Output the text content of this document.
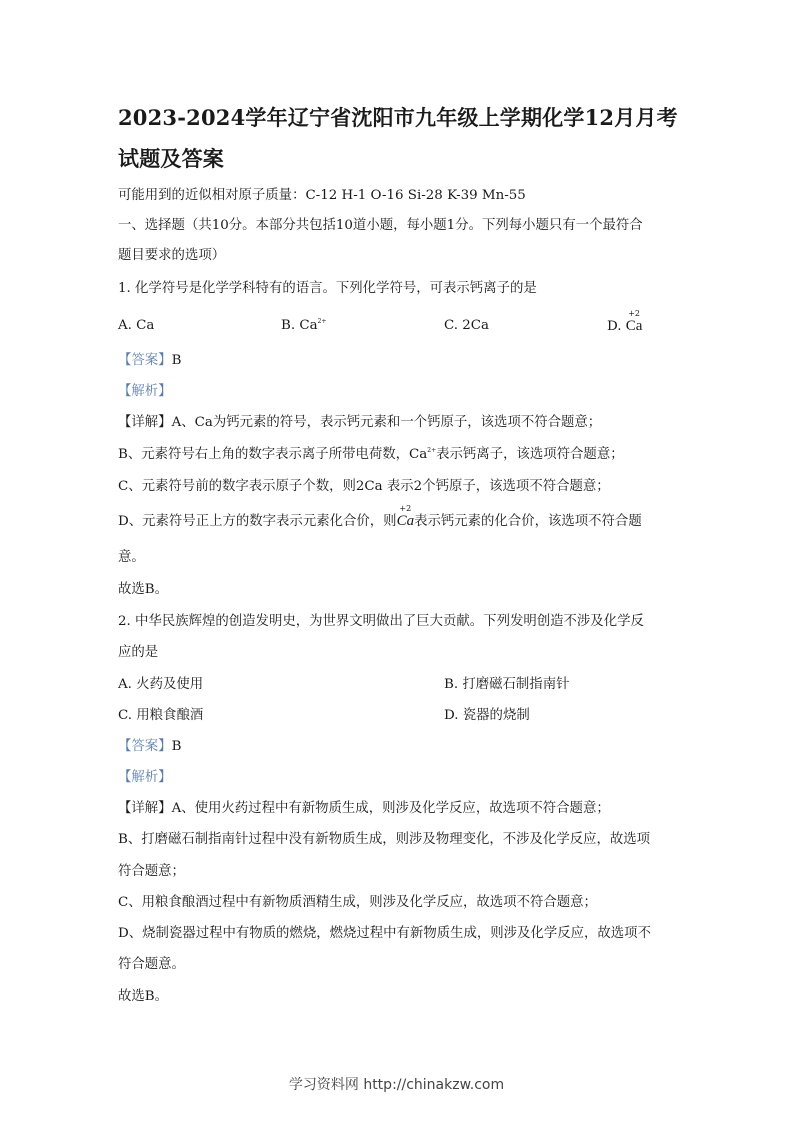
2023-2024学年辽宁省沈阳市九年级上学期化学12月月考
试题及答案
可能用到的近似相对原子质量：C-12 H-1 O-16 Si-28 K-39 Mn-55
一、选择题（共10分。本部分共包括10道小题，每小题1分。下列每小题只有一个最符合
题目要求的选项）
1. 化学符号是化学学科特有的语言。下列化学符号，可表示钙离子的是
A. Ca	B. $Ca^{2+}$	C. 2Ca	D.
+2
Ca
【答案】B
【解析】
【详解】A、Ca为钙元素的符号，表示钙元素和一个钙原子，该选项不符合题意；
B、元素符号右上角的数字表示离子所带电荷数，$Ca^{2+}$表示钙离子，该选项符合题意；
C、元素符号前的数字表示原子个数，则2Ca 表示2个钙原子，该选项不符合题意；
D、元素符号正上方的数字表示元素化合价，则
+2
Ca表示钙元素的化合价，该选项不符合题
意。
故选B。
2. 中华民族辉煌的创造发明史，为世界文明做出了巨大贡献。下列发明创造不涉及化学反
应的是
A. 火药及使用	B. 打磨磁石制指南针
C. 用粮食酿酒	D. 瓷器的烧制
【答案】B
【解析】
【详解】A、使用火药过程中有新物质生成，则涉及化学反应，故选项不符合题意；
B、打磨磁石制指南针过程中没有新物质生成，则涉及物理变化，不涉及化学反应，故选项
符合题意；
C、用粮食酿酒过程中有新物质酒精生成，则涉及化学反应，故选项不符合题意；
D、烧制瓷器过程中有物质的燃烧，燃烧过程中有新物质生成，则涉及化学反应，故选项不
符合题意。
故选B。
学习资料网 http://chinakzw.com
